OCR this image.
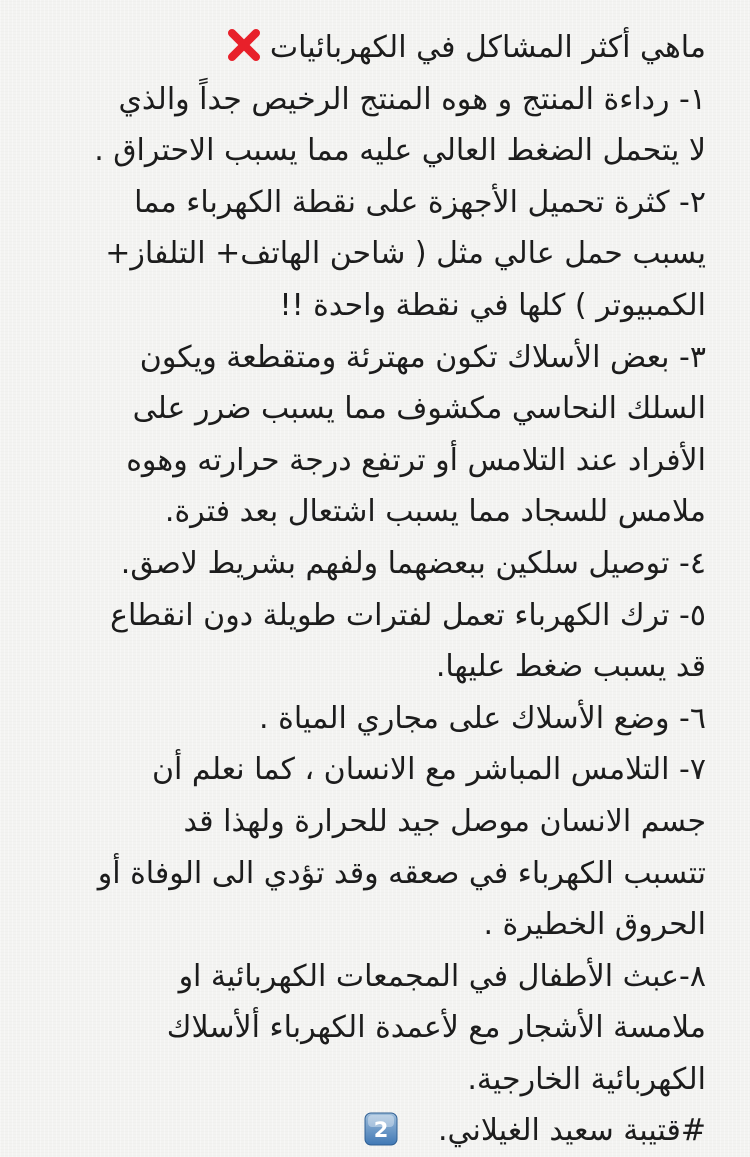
ماهي أكثر المشاكل في الكهربائيات
١- رداءة المنتج و هوه المنتج الرخيص جداً والذي
لا يتحمل الضغط العالي عليه مما يسبب الاحتراق .
٢- كثرة تحميل الأجهزة على نقطة الكهرباء مما
يسبب حمل عالي مثل ( شاحن الهاتف+ التلفاز+
الكمبيوتر ) كلها في نقطة واحدة !!
٣- بعض الأسلاك تكون مهترئة ومتقطعة ويكون
السلك النحاسي مكشوف مما يسبب ضرر على
الأفراد عند التلامس أو ترتفع درجة حرارته وهوه
ملامس للسجاد مما يسبب اشتعال بعد فترة.
٤- توصيل سلكين ببعضهما ولفهم بشريط لاصق.
٥- ترك الكهرباء تعمل لفترات طويلة دون انقطاع
قد يسبب ضغط عليها.
٦- وضع الأسلاك على مجاري المياة .
٧- التلامس المباشر مع الانسان ، كما نعلم أن
جسم الانسان موصل جيد للحرارة ولهذا قد
تتسبب الكهرباء في صعقه وقد تؤدي الى الوفاة أو
الحروق الخطيرة .
٨-عبث الأطفال في المجمعات الكهربائية او
ملامسة الأشجار مع لأعمدة الكهرباء ألأسلاك
الكهربائية الخارجية.
#قتيبة سعيد الغيلاني.
2
